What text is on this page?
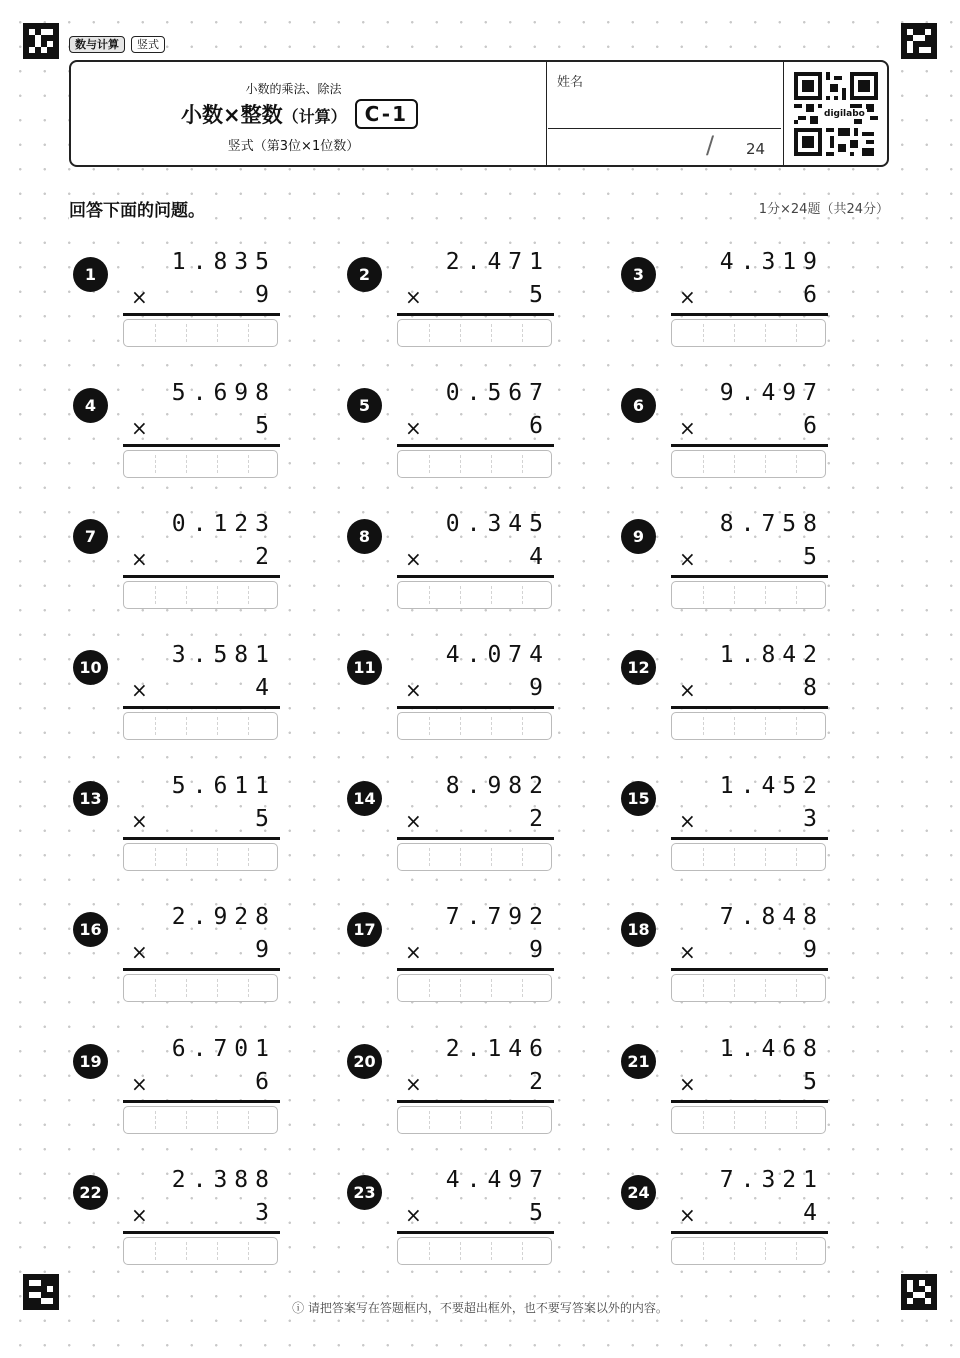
数与计算	竖式
小数的乘法、除法
小数×整数（计算） C-1
竖式（第3位×1位数）
姓名
/ 24
digilabo
回答下面的问题。	1分×24题（共24分）
1	1.835
×	9
2	2.471
×	5
3	4.319
×	6
4	5.698
×	5
5	0.567
×	6
6	9.497
×	6
7	0.123
×	2
8	0.345
×	4
9	8.758
×	5
10	3.581
×	4
11	4.074
×	9
12	1.842
×	8
13	5.611
×	5
14	8.982
×	2
15	1.452
×	3
16	2.928
×	9
17	7.792
×	9
18	7.848
×	9
19	6.701
×	6
20	2.146
×	2
21	1.468
×	5
22	2.388
×	3
23	4.497
×	5
24	7.321
×	4
ⓘ 请把答案写在答题框内，不要超出框外，也不要写答案以外的内容。
